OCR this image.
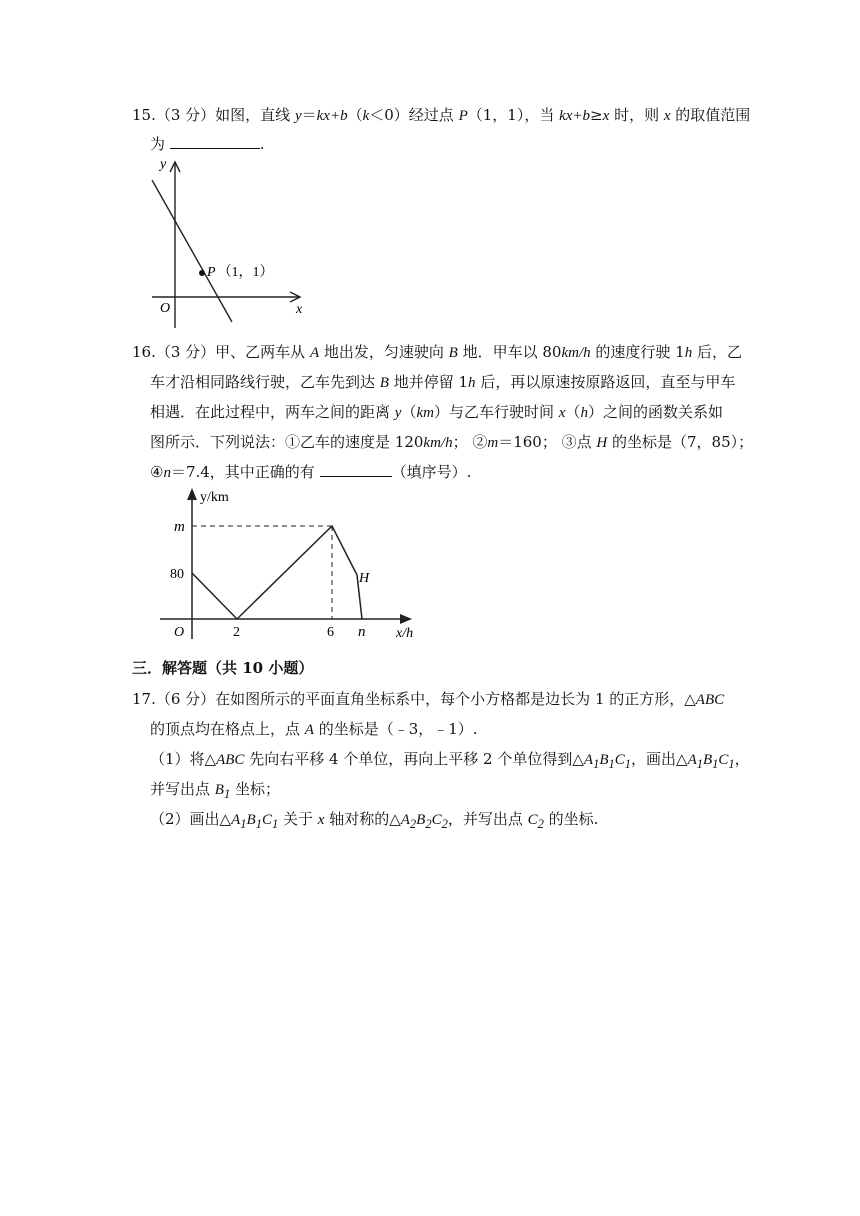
15.（3 分）如图，直线 y＝kx+b（k＜0）经过点 P（1，1），当 kx+b≥x 时，则 x 的取值范围
为	.
y
x
O
P （1，1）
16.（3 分）甲、乙两车从 A 地出发，匀速驶向 B 地．甲车以 80km/h 的速度行驶 1h 后，乙
车才沿相同路线行驶，乙车先到达 B 地并停留 1h 后，再以原速按原路返回，直至与甲车
相遇．在此过程中，两车之间的距离 y（km）与乙车行驶时间 x（h）之间的函数关系如
图所示．下列说法：①乙车的速度是 120km/h； ②m＝160； ③点 H 的坐标是（7，85）；
④n＝7.4，其中正确的有	（填序号）.
y/km
x/h
O
m
80
2	6 n
H
三．解答题（共 10 小题）
17.（6 分）在如图所示的平面直角坐标系中，每个小方格都是边长为 1 的正方形，△ABC
的顶点均在格点上，点 A 的坐标是（﹣3，﹣1）.
（1）将△ABC 先向右平移 4 个单位，再向上平移 2 个单位得到$\triangle A_1B_1C_1$，画出$\triangle A_1B_1C_1$，
并写出点 $B_1$ 坐标；
（2）画出$\triangle A_1B_1C_1$ 关于 x 轴对称的$\triangle A_2B_2C_2$，并写出点 $C_2$ 的坐标.
